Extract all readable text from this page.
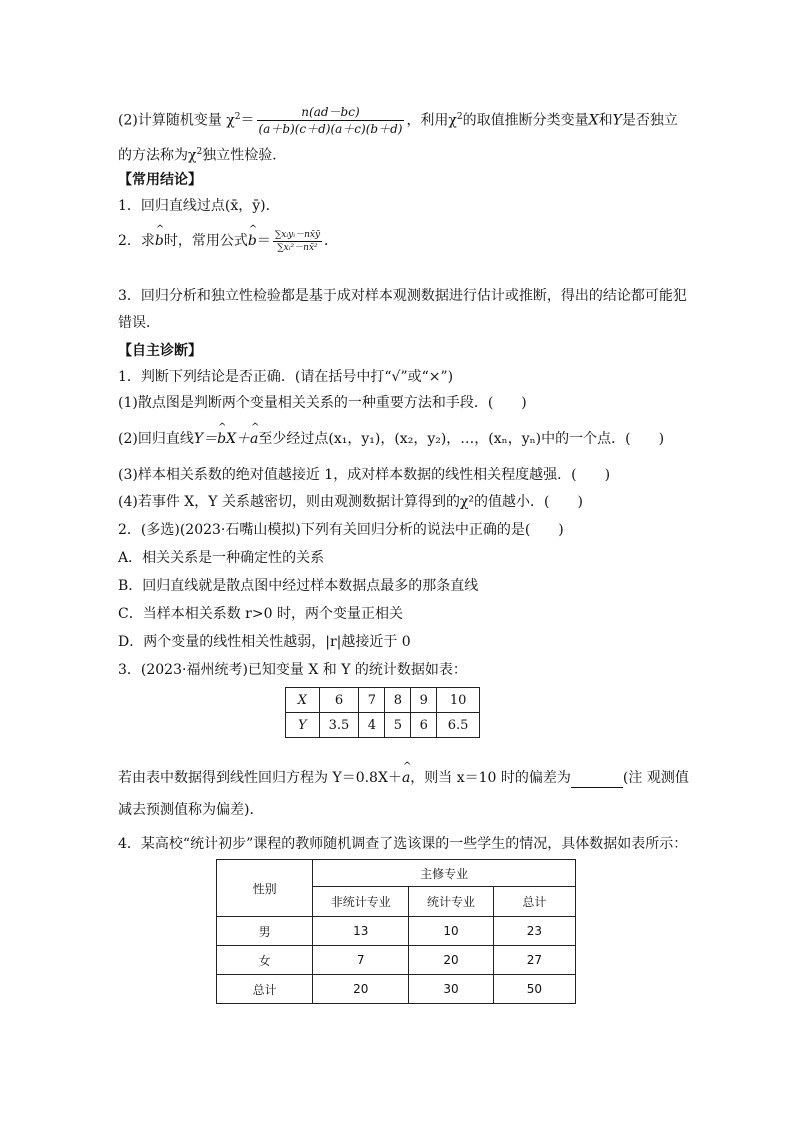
(2)计算随机变量 $\chi^2= \frac{n(ad-bc)}{(a+b)(c+d)(a+c)(b+d)}$ ，利用$\chi^2$的取值推断分类变量X和Y是否独立
的方法称为$\chi^2$独立性检验．
【常用结论】
1．回归直线过点(x̄，ȳ)．
2．求^ b时，常用公式^ $b= \frac{\text{∑xᵢyᵢ－nx̄ȳ}}{\text{∑xᵢ²－nx̄²}}$ ．
3．回归分析和独立性检验都是基于成对样本观测数据进行估计或推断，得出的结论都可能犯
错误．
【自主诊断】
1．判断下列结论是否正确．(请在括号中打“√”或“×”)
(1)散点图是判断两个变量相关关系的一种重要方法和手段．(　　)
(2)回归直线Y＝^ bX＋^ a至少经过点(x₁，y₁)，(x₂，y₂)，…，(xₙ，yₙ)中的一个点．(　　)
(3)样本相关系数的绝对值越接近 1，成对样本数据的线性相关程度越强．(　　)
(4)若事件 X，Y 关系越密切，则由观测数据计算得到的χ²的值越小．(　　)
2．(多选)(2023·石嘴山模拟)下列有关回归分析的说法中正确的是(　　)
A．相关关系是一种确定性的关系
B．回归直线就是散点图中经过样本数据点最多的那条直线
C．当样本相关系数 r>0 时，两个变量正相关
D．两个变量的线性相关性越弱，|r|越接近于 0
3．(2023·福州统考)已知变量 X 和 Y 的统计数据如表：
X	6	7	8	9	10
Y	3.5	4	5	6	6.5
若由表中数据得到线性回归方程为 Y＝0.8X＋^ a，则当 x＝10 时的偏差为	(注 观测值
减去预测值称为偏差)．
4．某高校“统计初步”课程的教师随机调查了选该课的一些学生的情况，具体数据如表所示：
性别	主修专业		
	非统计专业	统计专业	总计
男	13	10	23
女	7	20	27
总计	20	30	50
